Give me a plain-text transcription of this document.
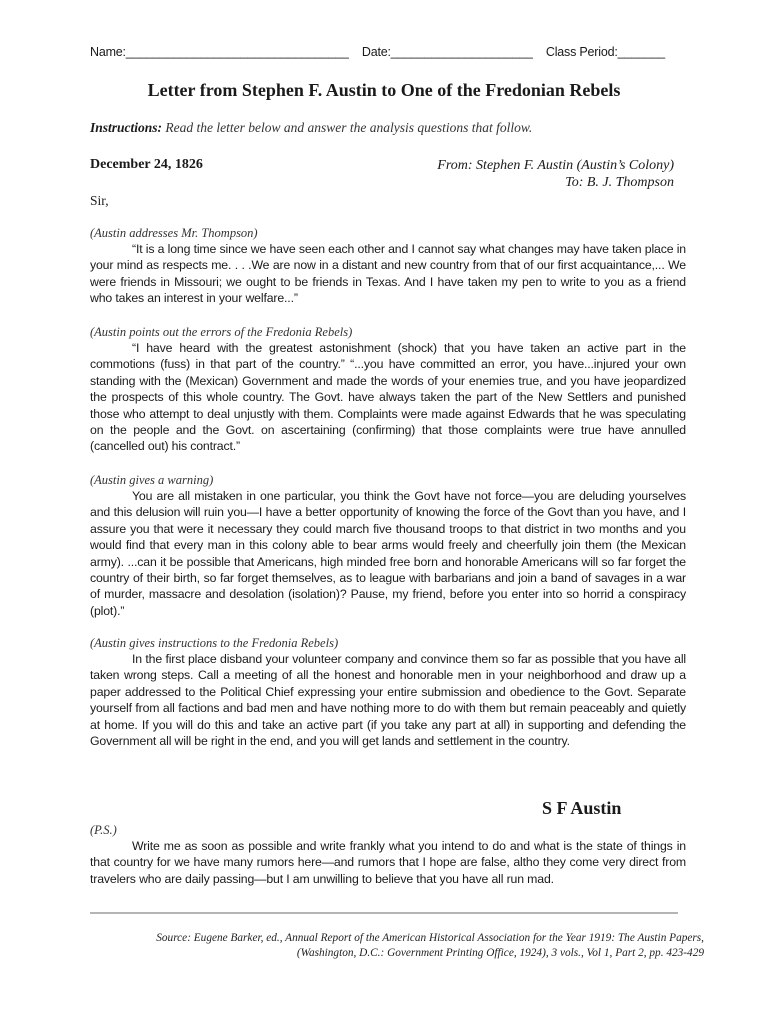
Name:_________________________________ Date:_____________________ Class Period:_______
Letter from Stephen F. Austin to One of the Fredonian Rebels
Instructions: Read the letter below and answer the analysis questions that follow.
December 24, 1826	From: Stephen F. Austin (Austin’s Colony)
To: B. J. Thompson
Sir,
(Austin addresses Mr. Thompson)

“It is a long time since we have seen each other and I cannot say what changes may have taken place in your mind as respects me. . . .We are now in a distant and new country from that of our first acquaintance,... We were friends in Missouri; we ought to be friends in Texas. And I have taken my pen to write to you as a friend who takes an interest in your welfare...”

(Austin points out the errors of the Fredonia Rebels)

“I have heard with the greatest astonishment (shock) that you have taken an active part in the commotions (fuss) in that part of the country.” “...you have committed an error, you have...injured your own standing with the (Mexican) Government and made the words of your enemies true, and you have jeopardized the prospects of this whole country. The Govt. have always taken the part of the New Settlers and punished those who attempt to deal unjustly with them. Complaints were made against Edwards that he was speculating on the people and the Govt. on ascertaining (confirming) that those complaints were true have annulled (cancelled out) his contract.”

(Austin gives a warning)

You are all mistaken in one particular, you think the Govt have not force—you are deluding yourselves and this delusion will ruin you—I have a better opportunity of knowing the force of the Govt than you have, and I assure you that were it necessary they could march five thousand troops to that district in two months and you would find that every man in this colony able to bear arms would freely and cheerfully join them (the Mexican army). ...can it be possible that Americans, high minded free born and honorable Americans will so far forget the country of their birth, so far forget themselves, as to league with barbarians and join a band of savages in a war of murder, massacre and desolation (isolation)? Pause, my friend, before you enter into so horrid a conspiracy (plot).”

(Austin gives instructions to the Fredonia Rebels)

In the first place disband your volunteer company and convince them so far as possible that you have all taken wrong steps. Call a meeting of all the honest and honorable men in your neighborhood and draw up a paper addressed to the Political Chief expressing your entire submission and obedience to the Govt. Separate yourself from all factions and bad men and have nothing more to do with them but remain peaceably and quietly at home. If you will do this and take an active part (if you take any part at all) in supporting and defending the Government all will be right in the end, and you will get lands and settlement in the country.

S F Austin
(P.S.)

Write me as soon as possible and write frankly what you intend to do and what is the state of things in that country for we have many rumors here—and rumors that I hope are false, altho they come very direct from travelers who are daily passing—but I am unwilling to believe that you have all run mad.

Source: Eugene Barker, ed., Annual Report of the American Historical Association for the Year 1919: The Austin Papers,
(Washington, D.C.: Government Printing Office, 1924), 3 vols., Vol 1, Part 2, pp. 423-429
